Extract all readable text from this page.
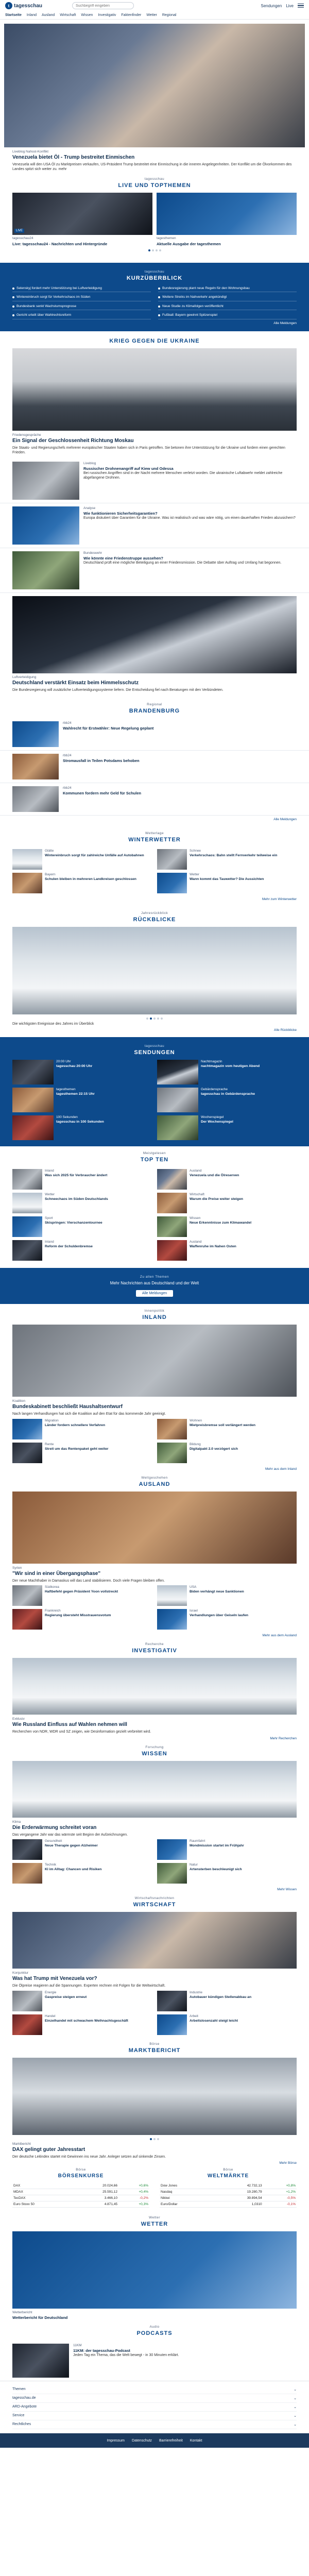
t tagesschau
Suchbegriff eingeben	Sendungen Live
Startseite Inland Ausland Wirtschaft Wissen Investigativ Faktenfinder Wetter Regional
Liveblog Nahost-Konflikt
Venezuela bietet Öl - Trump bestreitet Einmischen

Venezuela will den USA Öl zu Marktpreisen verkaufen, US-Präsident Trump bestreitet eine Einmischung in die inneren Angelegenheiten. Der Konflikt um die Ölvorkommen des Landes spitzt sich weiter zu. mehr

tagesschau
LIVE UND TOPTHEMEN
LIVE
tagesschau24
Live: tagesschau24 - Nachrichten und Hintergründe
tagesthemen
Aktuelle Ausgabe der tagesthemen
tagesschau
KURZÜBERBLICK
Selenskyj fordert mehr Unterstützung bei Luftverteidigung	Bundesregierung plant neue Regeln für den Wohnungsbau
Wintereinbruch sorgt für Verkehrschaos im Süden	Weitere Streiks im Nahverkehr angekündigt
Bundesbank senkt Wachstumsprognose	Neue Studie zu Klimafolgen veröffentlicht
Gericht urteilt über Wahlrechtsreform	Fußball: Bayern gewinnt Spitzenspiel
Alle Meldungen
KRIEG GEGEN DIE UKRAINE
Friedensgespräche
Ein Signal der Geschlossenheit Richtung Moskau

Die Staats- und Regierungschefs mehrerer europäischer Staaten haben sich in Paris getroffen. Sie betonen ihre Unterstützung für die Ukraine und fordern einen gerechten Frieden.

Liveblog
Russischer Drohnenangriff auf Kiew und Odessa

Bei russischen Angriffen sind in der Nacht mehrere Menschen verletzt worden. Die ukrainische Luftabwehr meldet zahlreiche abgefangene Drohnen.

Analyse
Wie funktionieren Sicherheitsgarantien?

Europa diskutiert über Garantien für die Ukraine. Was ist realistisch und was wäre nötig, um einen dauerhaften Frieden abzusichern?

Bundeswehr
Wie könnte eine Friedenstruppe aussehen?

Deutschland prüft eine mögliche Beteiligung an einer Friedensmission. Die Debatte über Auftrag und Umfang hat begonnen.

Luftverteidigung
Deutschland verstärkt Einsatz beim Himmelsschutz

Die Bundesregierung will zusätzliche Luftverteidigungssysteme liefern. Die Entscheidung fiel nach Beratungen mit den Verbündeten.

Regional
BRANDENBURG
rbb24
Wahlrecht für Erstwähler: Neue Regelung geplant
rbb24
Stromausfall in Teilen Potsdams behoben
rbb24
Kommunen fordern mehr Geld für Schulen
Alle Meldungen
Wetterlage
WINTERWETTER
Glätte
Wintereinbruch sorgt für zahlreiche Unfälle auf Autobahnen
Schnee
Verkehrschaos: Bahn stellt Fernverkehr teilweise ein
Bayern
Schulen bleiben in mehreren Landkreisen geschlossen
Wetter
Wann kommt das Tauwetter? Die Aussichten
Mehr zum Winterwetter
Jahresrückblick
RÜCKBLICKE

Die wichtigsten Ereignisse des Jahres im Überblick

Alle Rückblicke
tagesschau
SENDUNGEN
20:00 Uhr
tagesschau 20:00 Uhr
Nachtmagazin
nachtmagazin vom heutigen Abend
tagesthemen
tagesthemen 22:15 Uhr
Gebärdensprache
tagesschau in Gebärdensprache
100 Sekunden
tagesschau in 100 Sekunden
Wochenspiegel
Der Wochenspiegel
Meistgelesen
TOP TEN
Inland
Was sich 2025 für Verbraucher ändert
Ausland
Venezuela und die Ölreserven
Wetter
Schneechaos im Süden Deutschlands
Wirtschaft
Warum die Preise weiter steigen
Sport
Skispringen: Vierschanzentournee
Wissen
Neue Erkenntnisse zum Klimawandel
Inland
Reform der Schuldenbremse
Ausland
Waffenruhe im Nahen Osten
Zu allen Themen
Mehr Nachrichten aus Deutschland und der Welt
Alle Meldungen
Innenpolitik
INLAND
Koalition
Bundeskabinett beschließt Haushaltsentwurf

Nach langen Verhandlungen hat sich die Koalition auf den Etat für das kommende Jahr geeinigt.

Migration
Länder fordern schnellere Verfahren
Wohnen
Mietpreisbremse soll verlängert werden
Rente
Streit um das Rentenpaket geht weiter
Bildung
Digitalpakt 2.0 verzögert sich
Mehr aus dem Inland
Weltgeschehen
AUSLAND
Syrien
"Wir sind in einer Übergangsphase"

Der neue Machthaber in Damaskus will das Land stabilisieren. Doch viele Fragen bleiben offen.

Südkorea
Haftbefehl gegen Präsident Yoon vollstreckt
USA
Biden verhängt neue Sanktionen
Frankreich
Regierung übersteht Misstrauensvotum
Israel
Verhandlungen über Geiseln laufen
Mehr aus dem Ausland
Recherche
INVESTIGATIV
Exklusiv
Wie Russland Einfluss auf Wahlen nehmen will

Recherchen von NDR, WDR und SZ zeigen, wie Desinformation gezielt verbreitet wird.

Mehr Recherchen
Forschung
WISSEN
Klima
Die Erderwärmung schreitet voran

Das vergangene Jahr war das wärmste seit Beginn der Aufzeichnungen.

Gesundheit
Neue Therapie gegen Alzheimer
Raumfahrt
Mondmission startet im Frühjahr
Technik
KI im Alltag: Chancen und Risiken
Natur
Artensterben beschleunigt sich
Mehr Wissen
Wirtschaftsnachrichten
WIRTSCHAFT
Konjunktur
Was hat Trump mit Venezuela vor?

Die Ölpreise reagieren auf die Spannungen. Experten rechnen mit Folgen für die Weltwirtschaft.

Energie
Gaspreise steigen erneut
Industrie
Autobauer kündigen Stellenabbau an
Handel
Einzelhandel mit schwachem Weihnachtsgeschäft
Arbeit
Arbeitslosenzahl steigt leicht
Börse
MARKTBERICHT
Marktbericht
DAX gelingt guter Jahresstart

Der deutsche Leitindex startet mit Gewinnen ins neue Jahr. Anleger setzen auf sinkende Zinsen.

Mehr Börse
Börse
BÖRSENKURSE
DAX	20.024,66	+0,6%
MDAX	25.591,12	+0,4%
TecDAX	3.466,10	-0,2%
Euro Stoxx 50	4.871,45	+0,3%
Börse
WELTMÄRKTE
Dow Jones	42.732,13	+0,8%
Nasdaq	19.280,79	+1,2%
Nikkei	39.894,54	-0,5%
Euro/Dollar	1,0310	-0,1%
Wetter
WETTER
Wetterbericht
Wetterbericht für Deutschland
Audio
PODCASTS
11KM
11KM: der tagesschau-Podcast

Jeden Tag ein Thema, das die Welt bewegt - in 30 Minuten erklärt.

Themen	⌄
tagesschau.de	⌄
ARD-Angebote	⌄
Service	⌄
Rechtliches	⌄
Impressum Datenschutz Barrierefreiheit Kontakt
